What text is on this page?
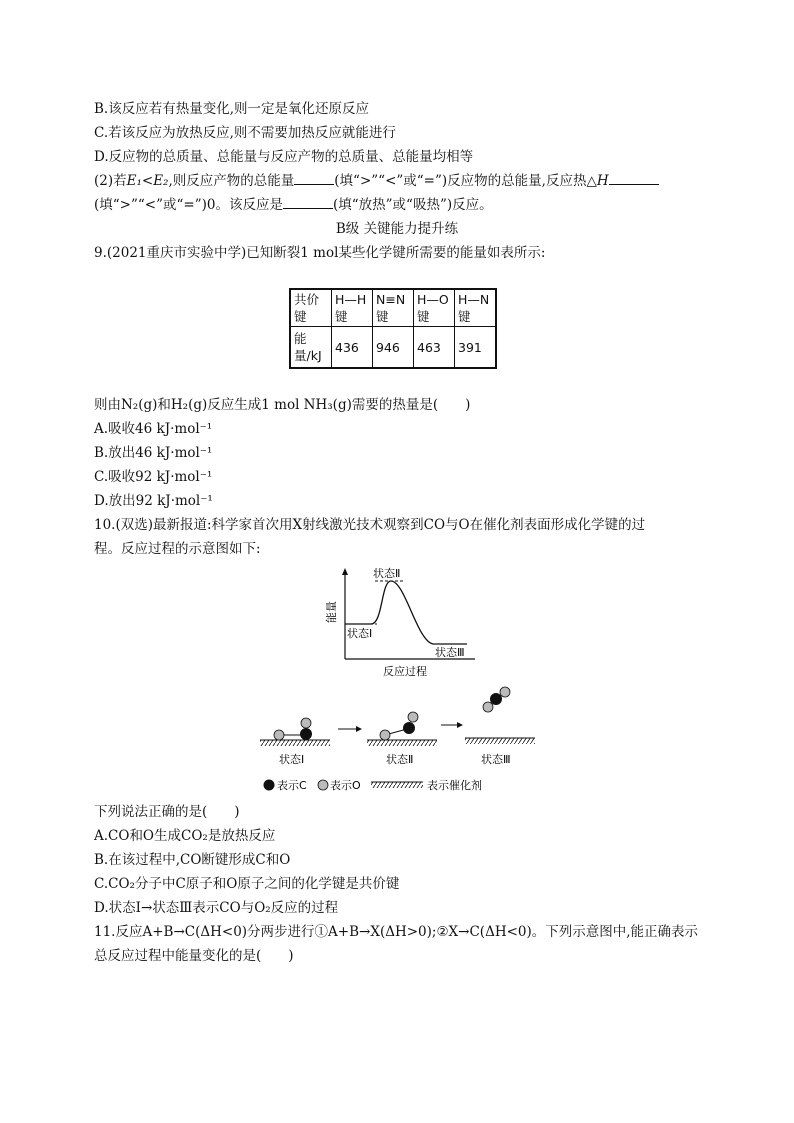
B.该反应若有热量变化,则一定是氧化还原反应
C.若该反应为放热反应,则不需要加热反应就能进行
D.反应物的总质量、总能量与反应产物的总质量、总能量均相等
(2)若E₁<E₂,则反应产物的总能量	(填“>”“<”或“=”)反应物的总能量,反应热△H
(填“>”“<”或“=”)0。该反应是	(填“放热”或“吸热”)反应。
B级 关键能力提升练
9.(2021重庆市实验中学)已知断裂1 mol某些化学键所需要的能量如表所示:
共价键	H—H键	N≡N键	H—O键	H—N键
能量/kJ	436	946	463	391
则由N₂(g)和H₂(g)反应生成1 mol NH₃(g)需要的热量是(　　)
A.吸收46 kJ·mol⁻¹
B.放出46 kJ·mol⁻¹
C.吸收92 kJ·mol⁻¹
D.放出92 kJ·mol⁻¹
10.(双选)最新报道:科学家首次用X射线激光技术观察到CO与O在催化剂表面形成化学键的过
程。反应过程的示意图如下:
状态Ⅱ
状态Ⅰ
状态Ⅲ
能量
反应过程
状态Ⅰ	状态Ⅱ	状态Ⅲ
表示C 表示O	表示催化剂
下列说法正确的是(　　)
A.CO和O生成CO₂是放热反应
B.在该过程中,CO断键形成C和O
C.CO₂分子中C原子和O原子之间的化学键是共价键
D.状态Ⅰ→状态Ⅲ表示CO与O₂反应的过程
11.反应A+B→C(ΔH<0)分两步进行①A+B→X(ΔH>0);②X→C(ΔH<0)。下列示意图中,能正确表示
总反应过程中能量变化的是(　　)
